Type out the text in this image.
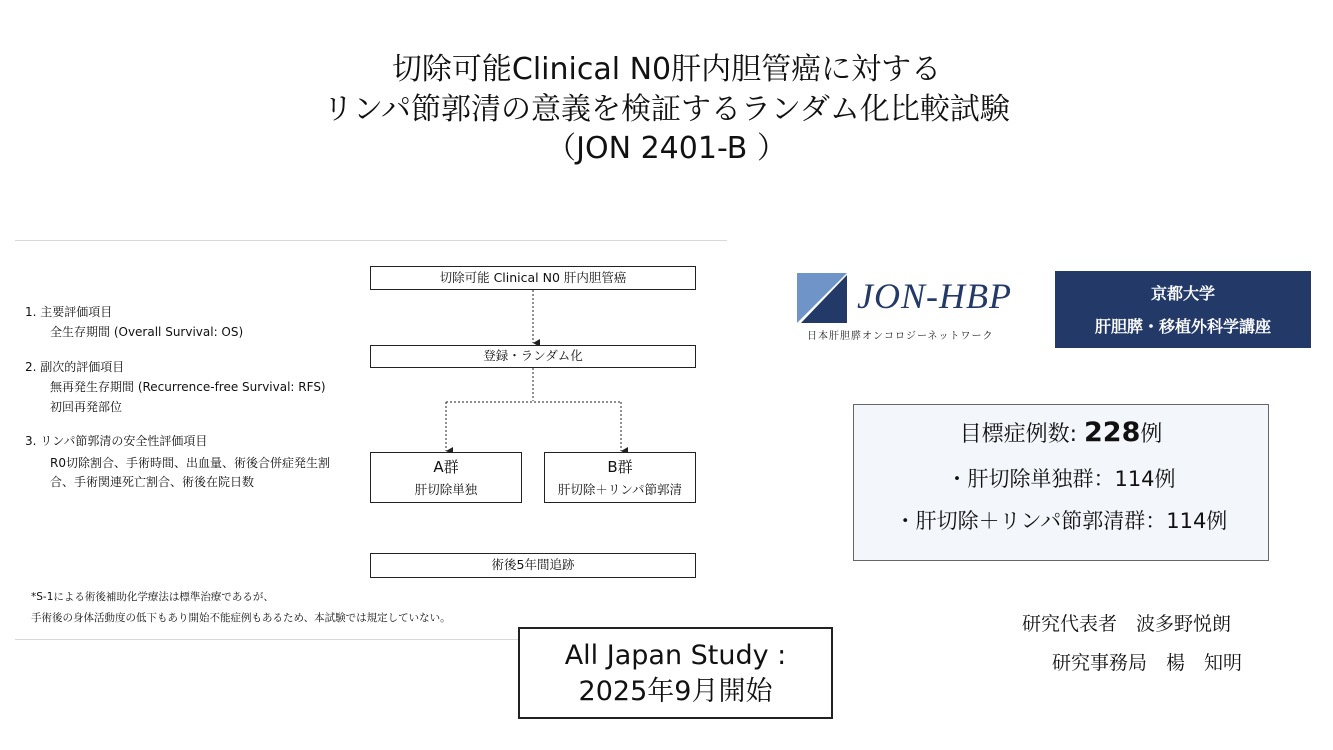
切除可能Clinical N0肝内胆管癌に対する
リンパ節郭清の意義を検証するランダム化比較試験
（JON 2401-B ）
1. 主要評価項目
全生存期間 (Overall Survival: OS)
2. 副次的評価項目
無再発生存期間 (Recurrence-free Survival: RFS)
初回再発部位
3. リンパ節郭清の安全性評価項目
R0切除割合、手術時間、出血量、術後合併症発生割
合、手術関連死亡割合、術後在院日数
切除可能 Clinical N0 肝内胆管癌
登録・ランダム化
A群
肝切除単独
B群
肝切除＋リンパ節郭清
術後5年間追跡
*S-1による術後補助化学療法は標準治療であるが、
手術後の身体活動度の低下もあり開始不能症例もあるため、本試験では規定していない。
JON-HBP
日本肝胆膵オンコロジーネットワーク
京都大学
肝胆膵・移植外科学講座
目標症例数: 228例
・肝切除単独群：114例
・肝切除＋リンパ節郭清群：114例
All Japan Study :
2025年9月開始
研究代表者　波多野悦朗
研究事務局　楊　知明
